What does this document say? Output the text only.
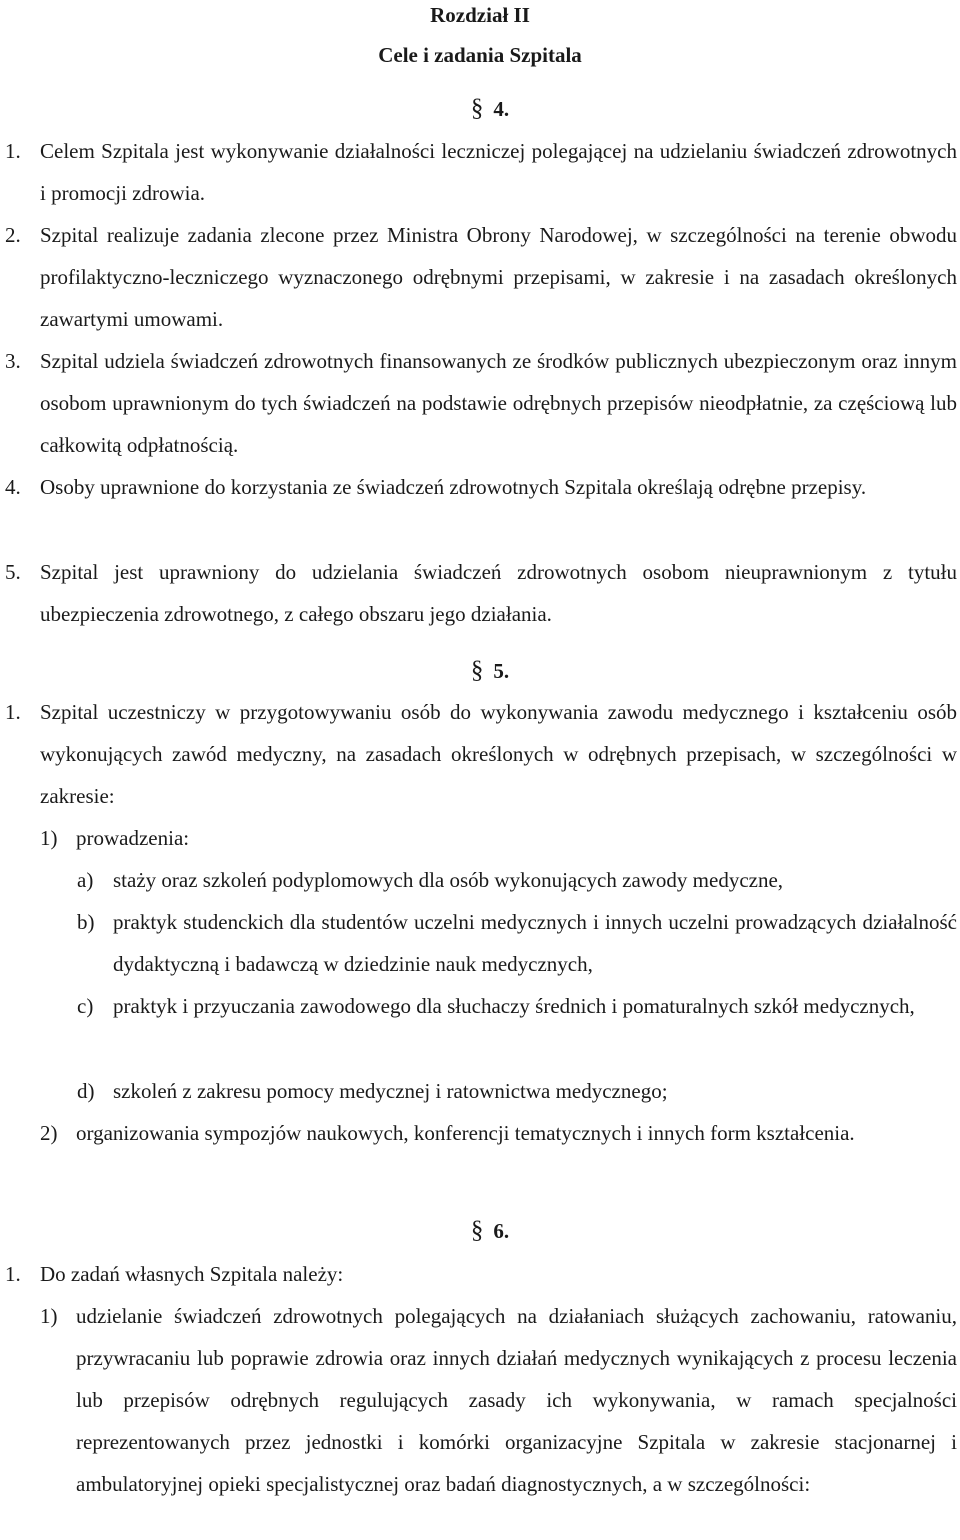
Rozdział II
Cele i zadania Szpitala
§ 4.
1. Celem Szpitala jest wykonywanie działalności leczniczej polegającej na udzielaniu świadczeń zdrowotnych i promocji zdrowia.
2. Szpital realizuje zadania zlecone przez Ministra Obrony Narodowej, w szczególności na terenie obwodu profilaktyczno-leczniczego wyznaczonego odrębnymi przepisami, w zakresie i na zasadach określonych zawartymi umowami.
3. Szpital udziela świadczeń zdrowotnych finansowanych ze środków publicznych ubezpieczonym oraz innym osobom uprawnionym do tych świadczeń na podstawie odrębnych przepisów nieodpłatnie, za częściową lub całkowitą odpłatnością.
4. Osoby uprawnione do korzystania ze świadczeń zdrowotnych Szpitala określają odrębne przepisy.
5. Szpital jest uprawniony do udzielania świadczeń zdrowotnych osobom nieuprawnionym z tytułu ubezpieczenia zdrowotnego, z całego obszaru jego działania.
§ 5.
1. Szpital uczestniczy w przygotowywaniu osób do wykonywania zawodu medycznego i kształceniu osób wykonujących zawód medyczny, na zasadach określonych w odrębnych przepisach, w szczególności w zakresie:
1) prowadzenia:
a) staży oraz szkoleń podyplomowych dla osób wykonujących zawody medyczne,
b) praktyk studenckich dla studentów uczelni medycznych i innych uczelni prowadzących działalność dydaktyczną i badawczą w dziedzinie nauk medycznych,
c) praktyk i przyuczania zawodowego dla słuchaczy średnich i pomaturalnych szkół medycznych,
d) szkoleń z zakresu pomocy medycznej i ratownictwa medycznego;
2) organizowania sympozjów naukowych, konferencji tematycznych i innych form kształcenia.
§ 6.
1. Do zadań własnych Szpitala należy:
1) udzielanie świadczeń zdrowotnych polegających na działaniach służących zachowaniu, ratowaniu, przywracaniu lub poprawie zdrowia oraz innych działań medycznych wynikających z procesu leczenia lub przepisów odrębnych regulujących zasady ich wykonywania, w ramach specjalności reprezentowanych przez jednostki i komórki organizacyjne Szpitala w zakresie stacjonarnej i ambulatoryjnej opieki specjalistycznej oraz badań diagnostycznych, a w szczególności:
